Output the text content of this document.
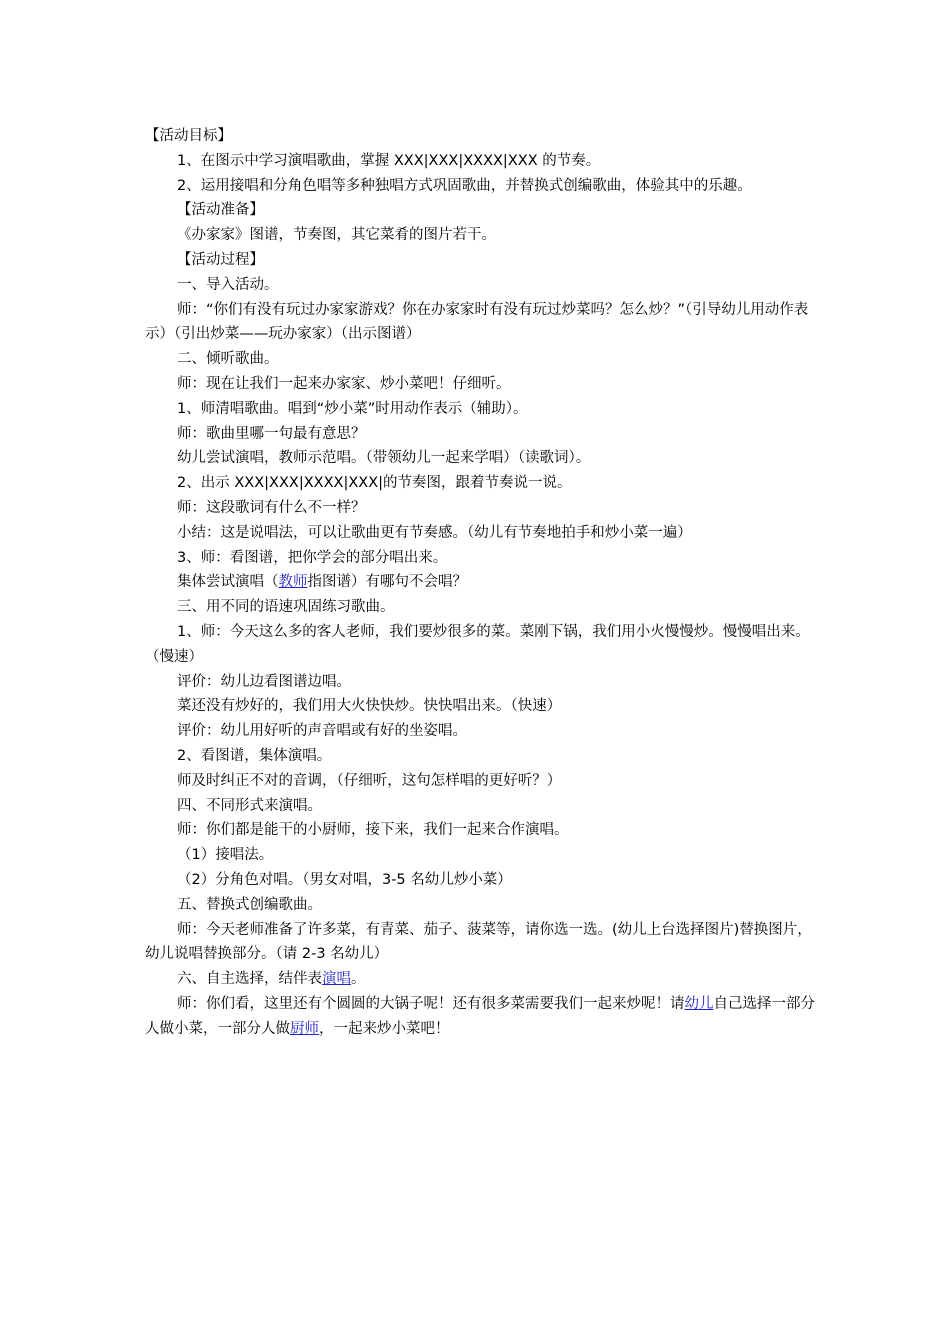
【活动目标】
1、在图示中学习演唱歌曲，掌握 XXX|XXX|XXXX|XXX 的节奏。
2、运用接唱和分角色唱等多种独唱方式巩固歌曲，并替换式创编歌曲，体验其中的乐趣。
【活动准备】
《办家家》图谱，节奏图，其它菜肴的图片若干。
【活动过程】
一、导入活动。
师：“你们有没有玩过办家家游戏？你在办家家时有没有玩过炒菜吗？怎么炒？”（引导幼儿用动作表示）（引出炒菜——玩办家家）（出示图谱）
二、倾听歌曲。
师：现在让我们一起来办家家、炒小菜吧！仔细听。
1、师清唱歌曲。唱到“炒小菜”时用动作表示（辅助）。
师：歌曲里哪一句最有意思？
幼儿尝试演唱，教师示范唱。（带领幼儿一起来学唱）（读歌词）。
2、出示 XXX|XXX|XXXX|XXX|的节奏图，跟着节奏说一说。
师：这段歌词有什么不一样？
小结：这是说唱法，可以让歌曲更有节奏感。（幼儿有节奏地拍手和炒小菜一遍）
3、师：看图谱，把你学会的部分唱出来。
集体尝试演唱（教师指图谱）有哪句不会唱？
三、用不同的语速巩固练习歌曲。
1、师：今天这么多的客人老师，我们要炒很多的菜。菜刚下锅，我们用小火慢慢炒。慢慢唱出来。（慢速）
评价：幼儿边看图谱边唱。
菜还没有炒好的，我们用大火快快炒。快快唱出来。（快速）
评价：幼儿用好听的声音唱或有好的坐姿唱。
2、看图谱，集体演唱。
师及时纠正不对的音调，（仔细听，这句怎样唱的更好听？）
四、不同形式来演唱。
师：你们都是能干的小厨师，接下来，我们一起来合作演唱。
（1）接唱法。
（2）分角色对唱。（男女对唱，3-5 名幼儿炒小菜）
五、替换式创编歌曲。
师：今天老师准备了许多菜，有青菜、茄子、菠菜等，请你选一选。(幼儿上台选择图片)替换图片，幼儿说唱替换部分。（请 2-3 名幼儿）
六、自主选择，结伴表演唱。
师：你们看，这里还有个圆圆的大锅子呢！还有很多菜需要我们一起来炒呢！请幼儿自己选择一部分人做小菜，一部分人做厨师，一起来炒小菜吧！
